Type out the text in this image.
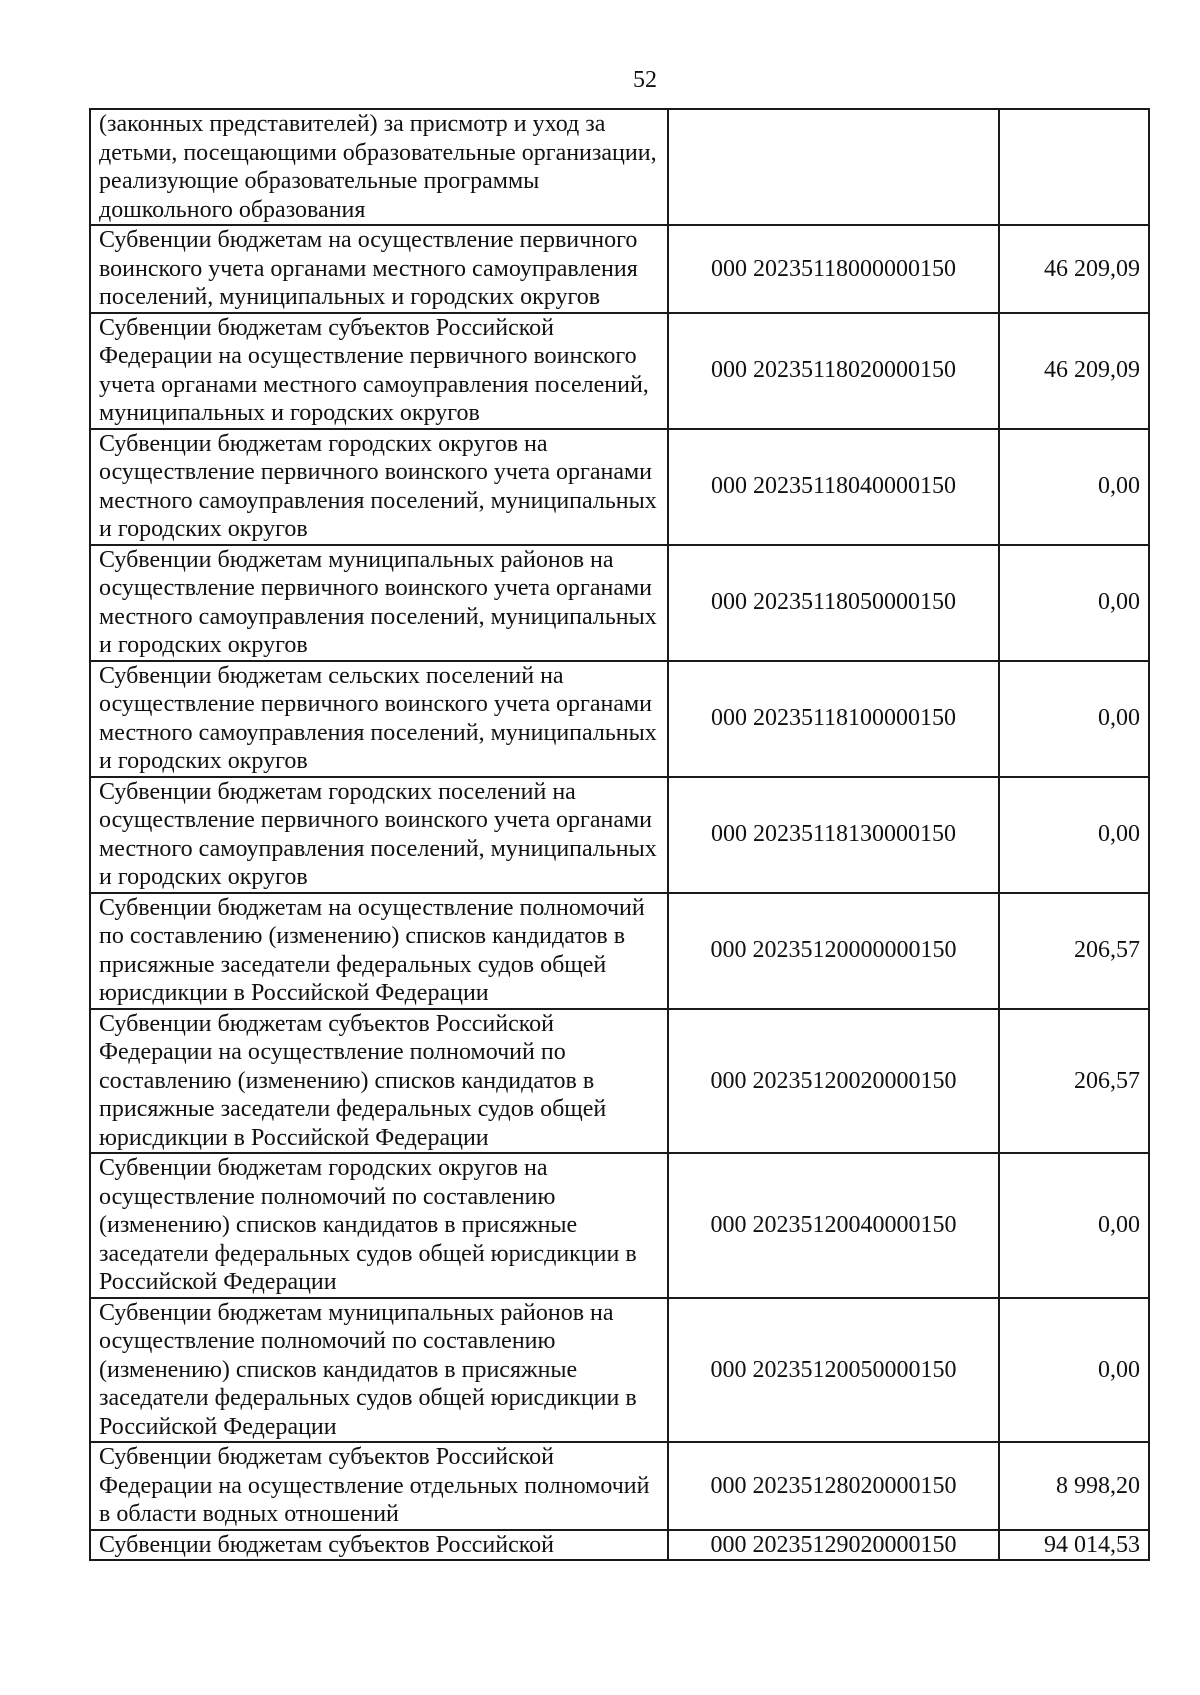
52
(законных представителей) за присмотр и уход за детьми, посещающими образовательные организации, реализующие образовательные программы дошкольного образования		
Субвенции бюджетам на осуществление первичного воинского учета органами местного самоуправления поселений, муниципальных и городских округов	000 20235118000000150	46 209,09
Субвенции бюджетам субъектов Российской Федерации на осуществление первичного воинского учета органами местного самоуправления поселений, муниципальных и городских округов	000 20235118020000150	46 209,09
Субвенции бюджетам городских округов на осуществление первичного воинского учета органами местного самоуправления поселений, муниципальных и городских округов	000 20235118040000150	0,00
Субвенции бюджетам муниципальных районов на осуществление первичного воинского учета органами местного самоуправления поселений, муниципальных и городских округов	000 20235118050000150	0,00
Субвенции бюджетам сельских поселений на осуществление первичного воинского учета органами местного самоуправления поселений, муниципальных и городских округов	000 20235118100000150	0,00
Субвенции бюджетам городских поселений на осуществление первичного воинского учета органами местного самоуправления поселений, муниципальных и городских округов	000 20235118130000150	0,00
Субвенции бюджетам на осуществление полномочий по составлению (изменению) списков кандидатов в присяжные заседатели федеральных судов общей юрисдикции в Российской Федерации	000 20235120000000150	206,57
Субвенции бюджетам субъектов Российской Федерации на осуществление полномочий по составлению (изменению) списков кандидатов в присяжные заседатели федеральных судов общей юрисдикции в Российской Федерации	000 20235120020000150	206,57
Субвенции бюджетам городских округов на осуществление полномочий по составлению (изменению) списков кандидатов в присяжные заседатели федеральных судов общей юрисдикции в Российской Федерации	000 20235120040000150	0,00
Субвенции бюджетам муниципальных районов на осуществление полномочий по составлению (изменению) списков кандидатов в присяжные заседатели федеральных судов общей юрисдикции в Российской Федерации	000 20235120050000150	0,00
Субвенции бюджетам субъектов Российской Федерации на осуществление отдельных полномочий в области водных отношений	000 20235128020000150	8 998,20
Субвенции бюджетам субъектов Российской	000 20235129020000150	94 014,53
